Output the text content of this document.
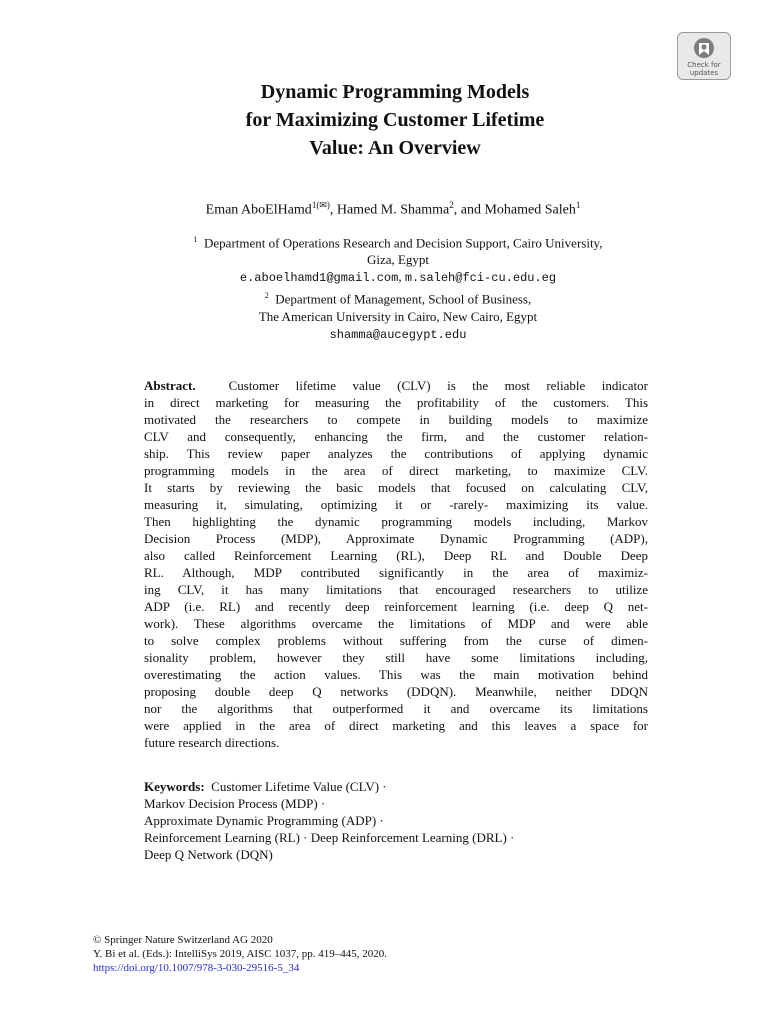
Check for
updates
Dynamic Programming Models
for Maximizing Customer Lifetime
Value: An Overview
Eman AboElHamd$^{1(✉)}$, Hamed M. Shamma$^2$, and Mohamed Saleh$^1$
$^1$ Department of Operations Research and Decision Support, Cairo University,
Giza, Egypt
e.aboelhamd1@gmail.com, m.saleh@fci-cu.edu.eg
$^2$ Department of Management, School of Business,
The American University in Cairo, New Cairo, Egypt
shamma@aucegypt.edu
Abstract.  Customer lifetime value (CLV) is the most reliable indicator
in direct marketing for measuring the profitability of the customers. This
motivated the researchers to compete in building models to maximize
CLV and consequently, enhancing the firm, and the customer relation-
ship. This review paper analyzes the contributions of applying dynamic
programming models in the area of direct marketing, to maximize CLV.
It starts by reviewing the basic models that focused on calculating CLV,
measuring it, simulating, optimizing it or -rarely- maximizing its value.
Then highlighting the dynamic programming models including, Markov
Decision Process (MDP), Approximate Dynamic Programming (ADP),
also called Reinforcement Learning (RL), Deep RL and Double Deep
RL. Although, MDP contributed significantly in the area of maximiz-
ing CLV, it has many limitations that encouraged researchers to utilize
ADP (i.e. RL) and recently deep reinforcement learning (i.e. deep Q net-
work). These algorithms overcame the limitations of MDP and were able
to solve complex problems without suffering from the curse of dimen-
sionality problem, however they still have some limitations including,
overestimating the action values. This was the main motivation behind
proposing double deep Q networks (DDQN). Meanwhile, neither DDQN
nor the algorithms that outperformed it and overcame its limitations
were applied in the area of direct marketing and this leaves a space for
future research directions.
Keywords:  Customer Lifetime Value (CLV) ·
Markov Decision Process (MDP) ·
Approximate Dynamic Programming (ADP) ·
Reinforcement Learning (RL) · Deep Reinforcement Learning (DRL) ·
Deep Q Network (DQN)
© Springer Nature Switzerland AG 2020
Y. Bi et al. (Eds.): IntelliSys 2019, AISC 1037, pp. 419–445, 2020.
https://doi.org/10.1007/978-3-030-29516-5_34
